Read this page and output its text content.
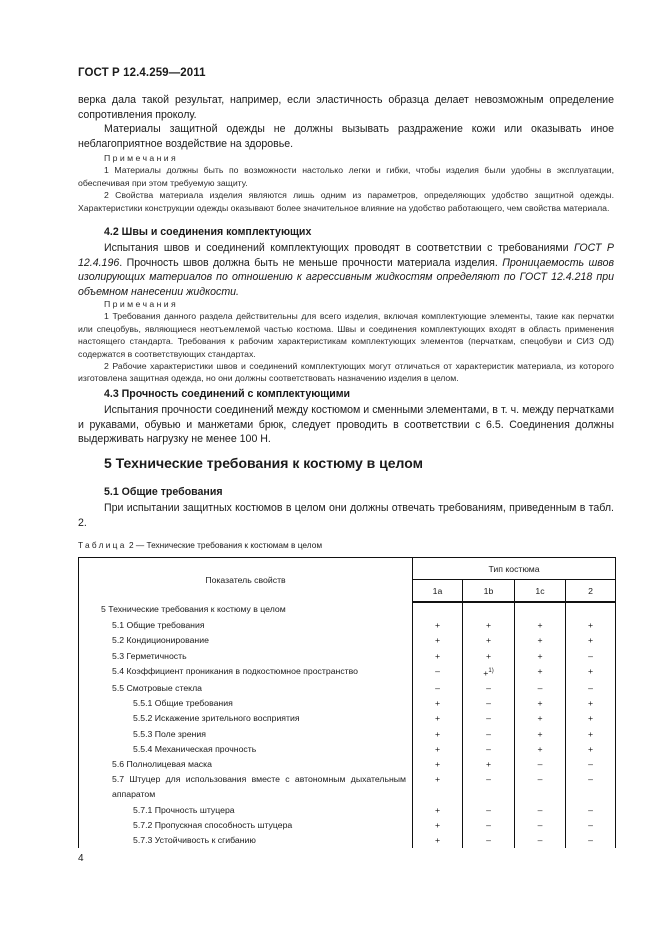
ГОСТ Р 12.4.259—2011
верка дала такой результат, например, если эластичность образца делает невозможным определение сопротивления проколу.
Материалы защитной одежды не должны вызывать раздражение кожи или оказывать иное неблагоприятное воздействие на здоровье.
Примечания
1 Материалы должны быть по возможности настолько легки и гибки, чтобы изделия были удобны в эксплуатации, обеспечивая при этом требуемую защиту.
2 Свойства материала изделия являются лишь одним из параметров, определяющих удобство защитной одежды. Характеристики конструкции одежды оказывают более значительное влияние на удобство работающего, чем свойства материала.
4.2 Швы и соединения комплектующих
Испытания швов и соединений комплектующих проводят в соответствии с требованиями ГОСТ Р 12.4.196. Прочность швов должна быть не меньше прочности материала изделия. Проницаемость швов изолирующих материалов по отношению к агрессивным жидкостям определяют по ГОСТ 12.4.218 при объемном нанесении жидкости.
Примечания
1 Требования данного раздела действительны для всего изделия, включая комплектующие элементы, такие как перчатки или спецобувь, являющиеся неотъемлемой частью костюма. Швы и соединения комплектующих входят в область применения настоящего стандарта. Требования к рабочим характеристикам комплектующих элементов (перчаткам, спецобуви и СИЗ ОД) содержатся в соответствующих стандартах.
2 Рабочие характеристики швов и соединений комплектующих могут отличаться от характеристик материала, из которого изготовлена защитная одежда, но они должны соответствовать назначению изделия в целом.
4.3 Прочность соединений с комплектующими
Испытания прочности соединений между костюмом и сменными элементами, в т. ч. между перчатками и рукавами, обувью и манжетами брюк, следует проводить в соответствии с 6.5. Соединения должны выдерживать нагрузку не менее 100 Н.
5 Технические требования к костюму в целом
5.1 Общие требования
При испытании защитных костюмов в целом они должны отвечать требованиям, приведенным в табл. 2.
Таблица 2 — Технические требования к костюмам в целом
Показатель свойств	Тип костюма			
	1a	1b	1c	2
5 Технические требования к костюму в целом				
5.1 Общие требования	+	+	+	+
5.2 Кондиционирование	+	+	+	+
5.3 Герметичность	+	+	+	–
5.4 Коэффициент проникания в подкостюмное пространство	–	+$^{1)}$	+	+
5.5 Смотровые стекла	–	–	–	–
5.5.1 Общие требования	+	–	+	+
5.5.2 Искажение зрительного восприятия	+	–	+	+
5.5.3 Поле зрения	+	–	+	+
5.5.4 Механическая прочность	+	–	+	+
5.6 Полнолицевая маска	+	+	–	–
5.7 Штуцер для использования вместе с автономным дыхательным аппаратом	+	–	–	–
5.7.1 Прочность штуцера	+	–	–	–
5.7.2 Пропускная способность штуцера	+	–	–	–
5.7.3 Устойчивость к сгибанию	+	–	–	–
4
